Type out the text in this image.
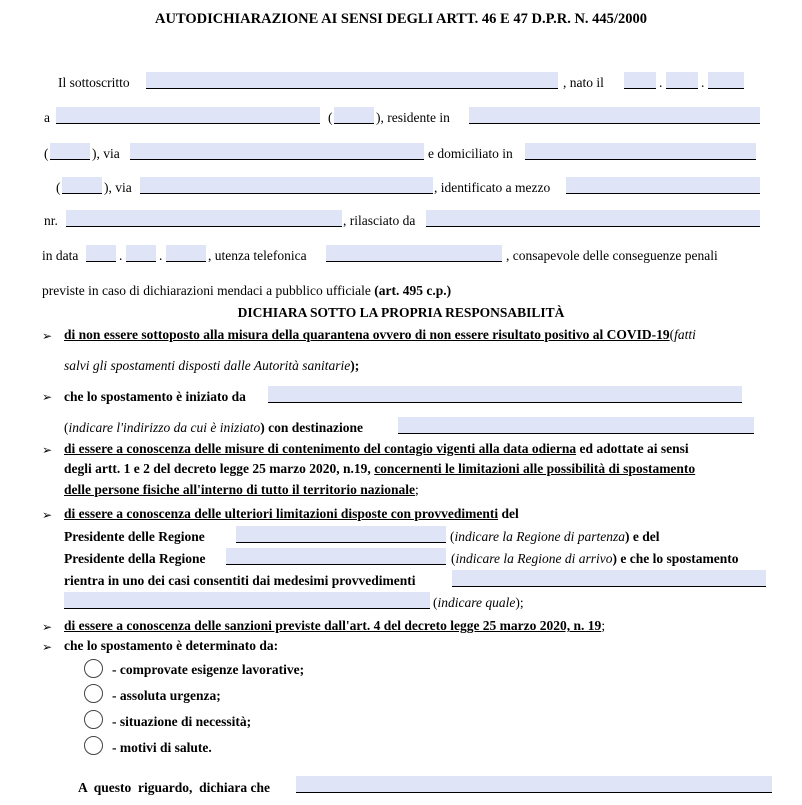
AUTODICHIARAZIONE AI SENSI DEGLI ARTT. 46 E 47 D.P.R. N. 445/2000
Il sottoscritto	, nato il	.	.
a	(	), residente in
(	), via	e domiciliato in
(	), via	, identificato a mezzo
nr.	, rilasciato da
in data	.	.	, utenza telefonica	, consapevole delle conseguenze penali
previste in caso di dichiarazioni mendaci a pubblico ufficiale (art. 495 c.p.)
DICHIARA SOTTO LA PROPRIA RESPONSABILITÀ
➢ di non essere sottoposto alla misura della quarantena ovvero di non essere risultato positivo al COVID-19(fatti
salvi gli spostamenti disposti dalle Autorità sanitarie);
➢ che lo spostamento è iniziato da
(indicare l'indirizzo da cui è iniziato) con destinazione
➢ di essere a conoscenza delle misure di contenimento del contagio vigenti alla data odierna ed adottate ai sensi
degli artt. 1 e 2 del decreto legge 25 marzo 2020, n.19, concernenti le limitazioni alle possibilità di spostamento
delle persone fisiche all'interno di tutto il territorio nazionale;
➢ di essere a conoscenza delle ulteriori limitazioni disposte con provvedimenti del
Presidente delle Regione	(indicare la Regione di partenza) e del
Presidente della Regione	(indicare la Regione di arrivo) e che lo spostamento
rientra in uno dei casi consentiti dai medesimi provvedimenti
(indicare quale);
➢ di essere a conoscenza delle sanzioni previste dall'art. 4 del decreto legge 25 marzo 2020, n. 19;
➢ che lo spostamento è determinato da:
- comprovate esigenze lavorative;
- assoluta urgenza;
- situazione di necessità;
- motivi di salute.
A  questo  riguardo,  dichiara che
